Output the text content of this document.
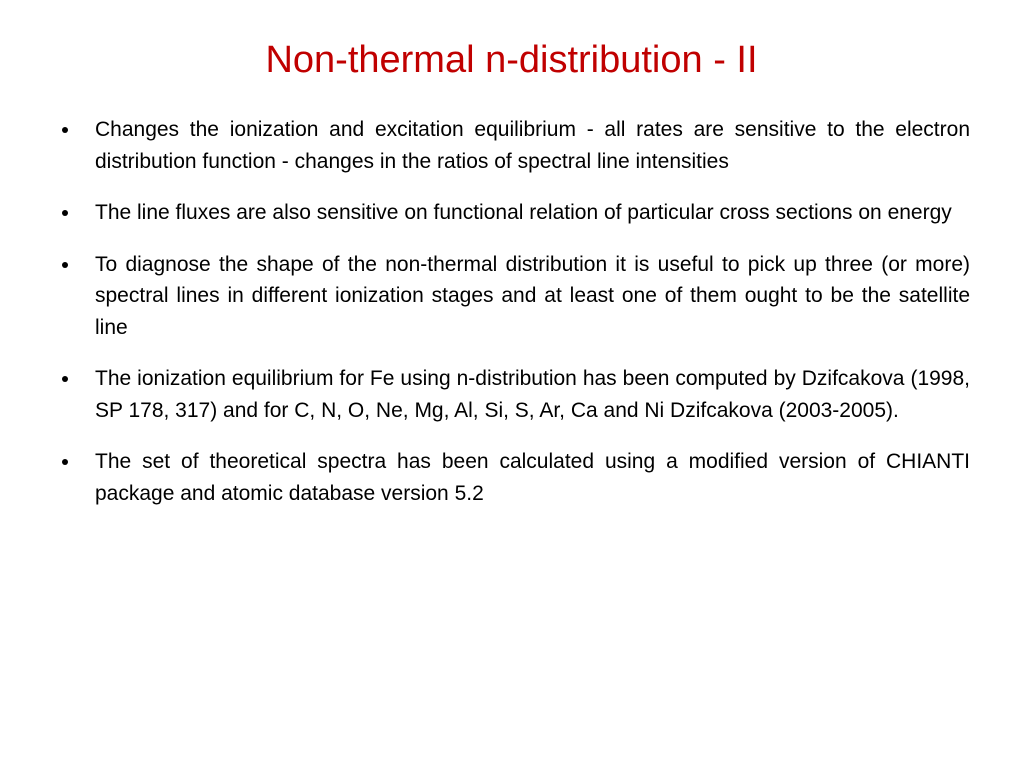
Non-thermal n-distribution - II
Changes the ionization and excitation equilibrium - all rates are sensitive to the electron distribution function - changes in the ratios of spectral line intensities
The line fluxes are also sensitive on functional relation of particular cross sections on energy
To diagnose the shape of the non-thermal distribution it is useful to pick up three (or more) spectral lines in different ionization stages and at least one of them ought to be the satellite line
The ionization equilibrium for Fe using n-distribution has been computed by Dzifcakova (1998, SP 178, 317) and for C, N, O, Ne, Mg, Al, Si, S, Ar, Ca and Ni Dzifcakova (2003-2005).
The set of theoretical spectra has been calculated using a modified version of CHIANTI package and atomic database version 5.2
